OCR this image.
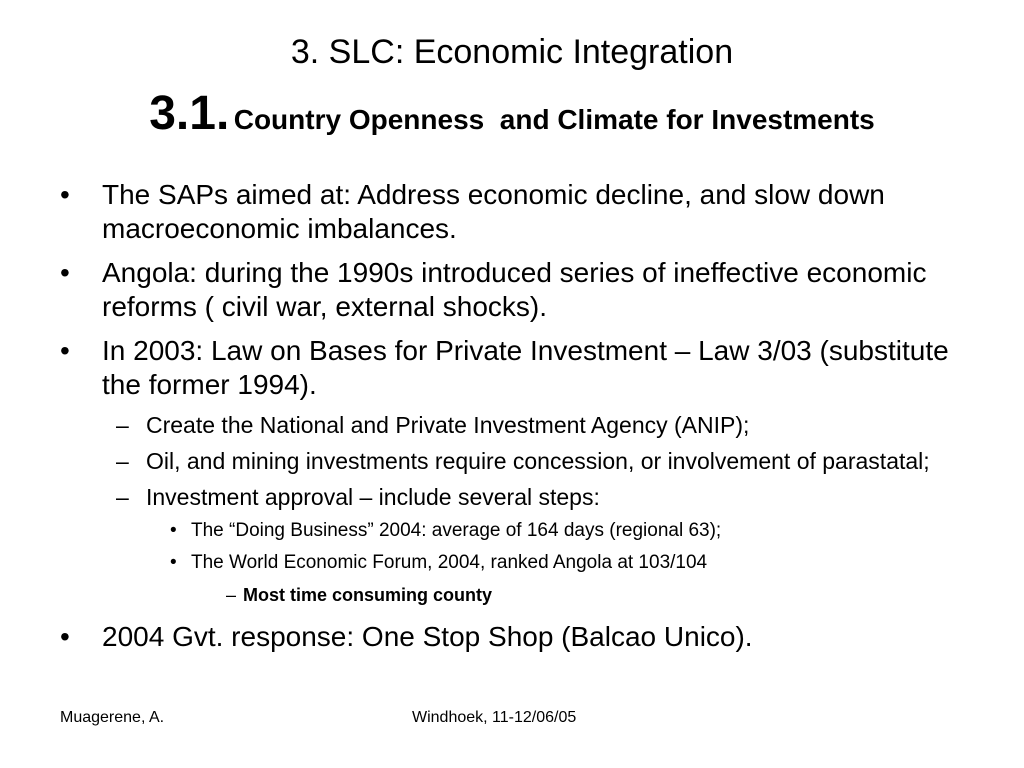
3. SLC: Economic Integration
3.1. Country Openness  and Climate for Investments
• The SAPs aimed at: Address economic decline, and slow down macroeconomic imbalances.
• Angola: during the 1990s introduced series of ineffective economic reforms ( civil war, external shocks).
• In 2003: Law on Bases for Private Investment – Law 3/03 (substitute the former 1994).
– Create the National and Private Investment Agency (ANIP);
– Oil, and mining investments require concession, or involvement of parastatal;
– Investment approval – include several steps:
• The “Doing Business” 2004: average of 164 days (regional 63);
• The World Economic Forum, 2004, ranked Angola at 103/104
– Most time consuming county
• 2004 Gvt. response: One Stop Shop (Balcao Unico).
Muagerene, A.	Windhoek, 11-12/06/05
